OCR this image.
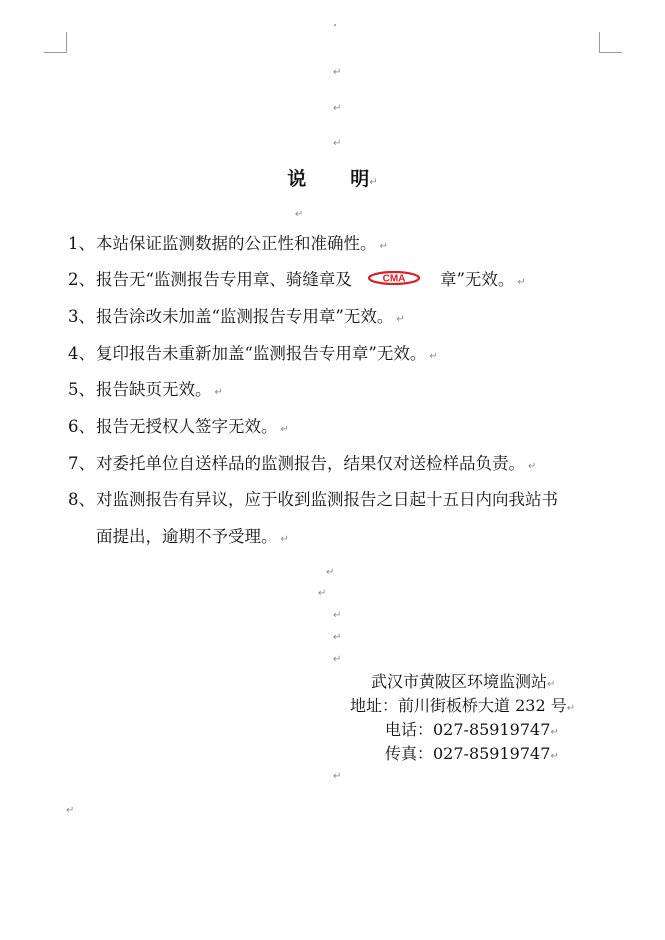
↵
↵
↵
说 明↵
↵
1、本站保证监测数据的公正性和准确性。 ↵
2、报告无“监测报告专用章、骑缝章及	CMA 章”无效。 ↵
3、报告涂改未加盖“监测报告专用章”无效。 ↵
4、复印报告未重新加盖“监测报告专用章”无效。 ↵
5、报告缺页无效。 ↵
6、报告无授权人签字无效。 ↵
7、对委托单位自送样品的监测报告，结果仅对送检样品负责。 ↵
8、对监测报告有异议，应于收到监测报告之日起十五日内向我站书
面提出，逾期不予受理。 ↵
↵
↵
↵
↵
↵
武汉市黄陂区环境监测站↵
地址：前川街板桥大道 232 号↵
电话：027-85919747↵
传真：027-85919747↵
↵
↵
